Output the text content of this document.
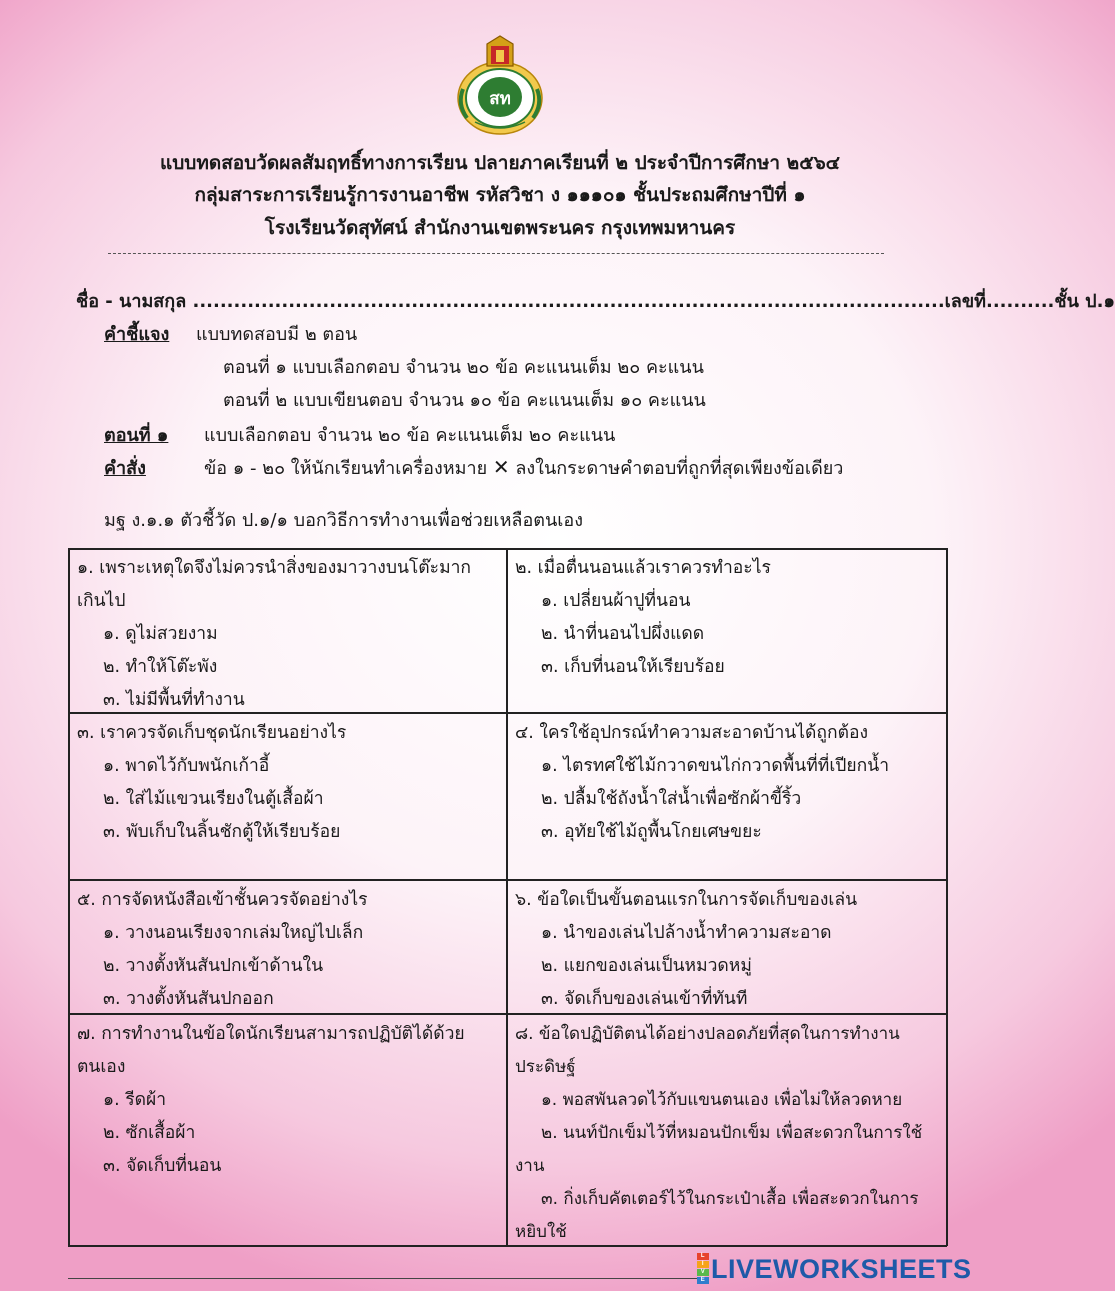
สท
แบบทดสอบวัดผลสัมฤทธิ์ทางการเรียน ปลายภาคเรียนที่ ๒ ประจำปีการศึกษา ๒๕๖๔
กลุ่มสาระการเรียนรู้การงานอาชีพ รหัสวิชา ง ๑๑๑๐๑ ชั้นประถมศึกษาปีที่ ๑
โรงเรียนวัดสุทัศน์ สำนักงานเขตพระนคร กรุงเทพมหานคร
ชื่อ - นามสกุล ..............................................................................................................เลขที่..........ชั้น ป.๑
คำชี้แจง แบบทดสอบมี ๒ ตอน
ตอนที่ ๑ แบบเลือกตอบ จำนวน ๒๐ ข้อ คะแนนเต็ม ๒๐ คะแนน
ตอนที่ ๒ แบบเขียนตอบ จำนวน ๑๐ ข้อ คะแนนเต็ม ๑๐ คะแนน
ตอนที่ ๑ แบบเลือกตอบ จำนวน ๒๐ ข้อ คะแนนเต็ม ๒๐ คะแนน
คำสั่ง	ข้อ ๑ - ๒๐ ให้นักเรียนทำเครื่องหมาย ✕ ลงในกระดาษคำตอบที่ถูกที่สุดเพียงข้อเดียว
มฐ ง.๑.๑ ตัวชี้วัด ป.๑/๑ บอกวิธีการทำงานเพื่อช่วยเหลือตนเอง
๑. เพราะเหตุใดจึงไม่ควรนำสิ่งของมาวางบนโต๊ะมาก
เกินไป
๑. ดูไม่สวยงาม
๒. ทำให้โต๊ะพัง
๓. ไม่มีพื้นที่ทำงาน
๒. เมื่อตื่นนอนแล้วเราควรทำอะไร
๑. เปลี่ยนผ้าปูที่นอน
๒. นำที่นอนไปผึ่งแดด
๓. เก็บที่นอนให้เรียบร้อย
๓. เราควรจัดเก็บชุดนักเรียนอย่างไร
๑. พาดไว้กับพนักเก้าอี้
๒. ใส่ไม้แขวนเรียงในตู้เสื้อผ้า
๓. พับเก็บในลิ้นชักตู้ให้เรียบร้อย
๔. ใครใช้อุปกรณ์ทำความสะอาดบ้านได้ถูกต้อง
๑. ไตรทศใช้ไม้กวาดขนไก่กวาดพื้นที่ที่เปียกน้ำ
๒. ปลื้มใช้ถังน้ำใส่น้ำเพื่อซักผ้าขี้ริ้ว
๓. อุทัยใช้ไม้ถูพื้นโกยเศษขยะ
๕. การจัดหนังสือเข้าชั้นควรจัดอย่างไร
๑. วางนอนเรียงจากเล่มใหญ่ไปเล็ก
๒. วางตั้งหันสันปกเข้าด้านใน
๓. วางตั้งหันสันปกออก
๖. ข้อใดเป็นขั้นตอนแรกในการจัดเก็บของเล่น
๑. นำของเล่นไปล้างน้ำทำความสะอาด
๒. แยกของเล่นเป็นหมวดหมู่
๓. จัดเก็บของเล่นเข้าที่ทันที
๗. การทำงานในข้อใดนักเรียนสามารถปฏิบัติได้ด้วย
ตนเอง
๑. รีดผ้า
๒. ซักเสื้อผ้า
๓. จัดเก็บที่นอน
๘. ข้อใดปฏิบัติตนได้อย่างปลอดภัยที่สุดในการทำงาน
ประดิษฐ์
๑. พอสพันลวดไว้กับแขนตนเอง เพื่อไม่ให้ลวดหาย
๒. นนท์ปักเข็มไว้ที่หมอนปักเข็ม เพื่อสะดวกในการใช้
งาน
๓. กิ่งเก็บคัตเตอร์ไว้ในกระเป๋าเสื้อ เพื่อสะดวกในการ
หยิบใช้
L
I
V
E LIVEWORKSHEETS
